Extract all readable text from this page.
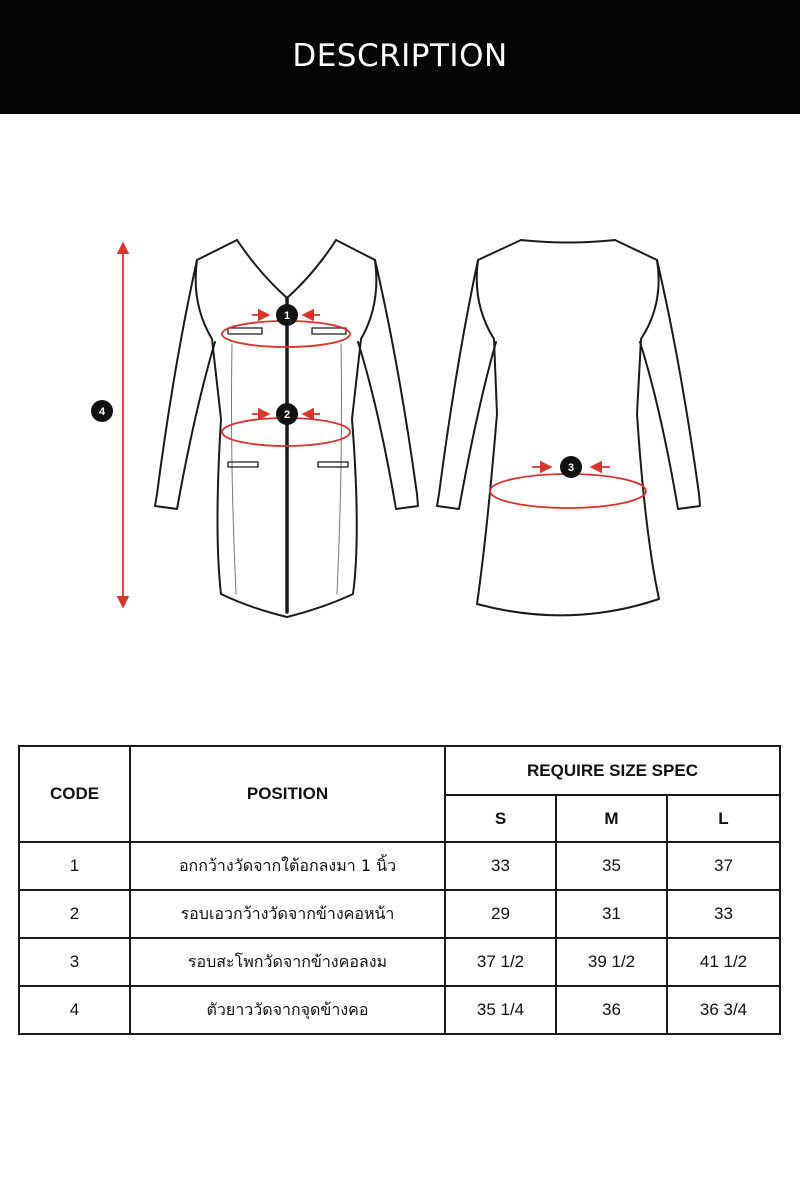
DESCRIPTION
1
2
3
4
CODE	POSITION	REQUIRE SIZE SPEC		
		S	M	L
1	อกกว้างวัดจากใต้อกลงมา 1 นิ้ว	33	35	37
2	รอบเอวกว้างวัดจากข้างคอหน้า	29	31	33
3	รอบสะโพกวัดจากข้างคอลงม	37 1/2	39 1/2	41 1/2
4	ตัวยาววัดจากจุดข้างคอ	35 1/4	36	36 3/4
